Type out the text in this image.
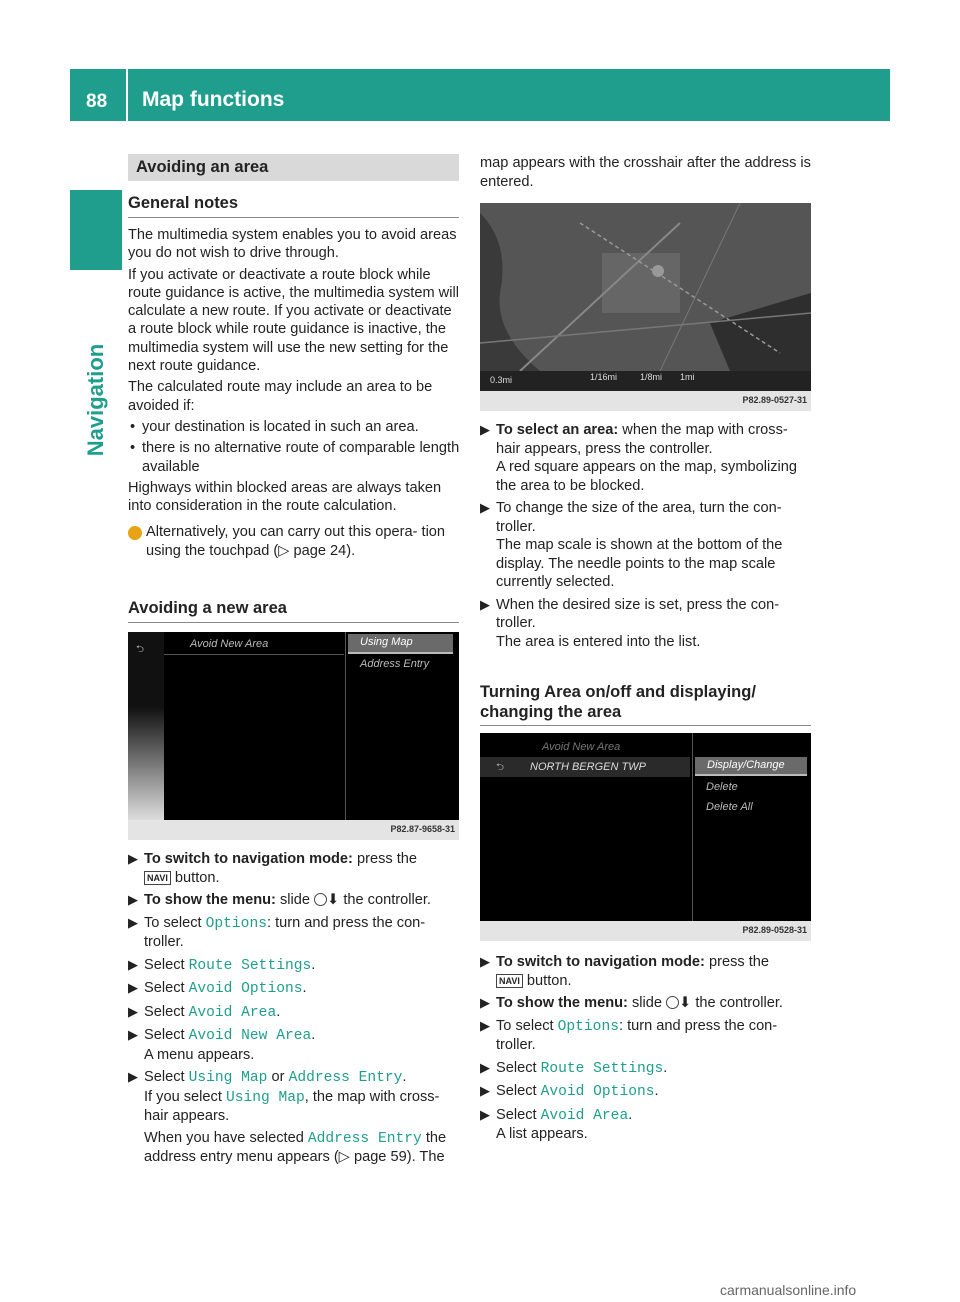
88 Map functions
Navigation
Avoiding an area
General notes

The multimedia system enables you to avoid areas you do not wish to drive through.

If you activate or deactivate a route block while route guidance is active, the multimedia system will calculate a new route. If you activate or deactivate a route block while route guidance is inactive, the multimedia system will use the new setting for the next route guidance.

The calculated route may include an area to be avoided if:

• your destination is located in such an area.
• there is no alternative route of comparable length available

Highways within blocked areas are always taken into consideration in the route calculation.

i Alternatively, you can carry out this opera- tion using the touchpad (▷ page 24).

Avoiding a new area
⮌	Avoid New Area	Using Map
Address Entry
P82.87-9658-31
▶ To switch to navigation mode: press the
NAVI button.
▶ To show the menu: slide ⬇ the controller.
▶ To select Options: turn and press the con- troller.
▶ Select Route Settings.
▶ Select Avoid Options.
▶ Select Avoid Area.
▶ Select Avoid New Area.
A menu appears.
▶ Select Using Map or Address Entry.
If you select Using Map, the map with cross- hair appears.
When you have selected Address Entry the address entry menu appears (▷ page 59). The
map appears with the crosshair after the address is entered.
0.3mi	1/16mi	1/8mi 1mi
P82.89-0527-31
▶ To select an area: when the map with cross- hair appears, press the controller.
A red square appears on the map, symbolizing the area to be blocked.
▶ To change the size of the area, turn the con- troller.
The map scale is shown at the bottom of the display. The needle points to the map scale currently selected.
▶ When the desired size is set, press the con- troller.
The area is entered into the list.
Turning Area on/off and displaying/ changing the area
Avoid New Area
⮌ NORTH BERGEN TWP	Display/Change
Delete
Delete All
P82.89-0528-31
▶ To switch to navigation mode: press the
NAVI button.
▶ To show the menu: slide ⬇ the controller.
▶ To select Options: turn and press the con- troller.
▶ Select Route Settings.
▶ Select Avoid Options.
▶ Select Avoid Area.
A list appears.
carmanualsonline.info
